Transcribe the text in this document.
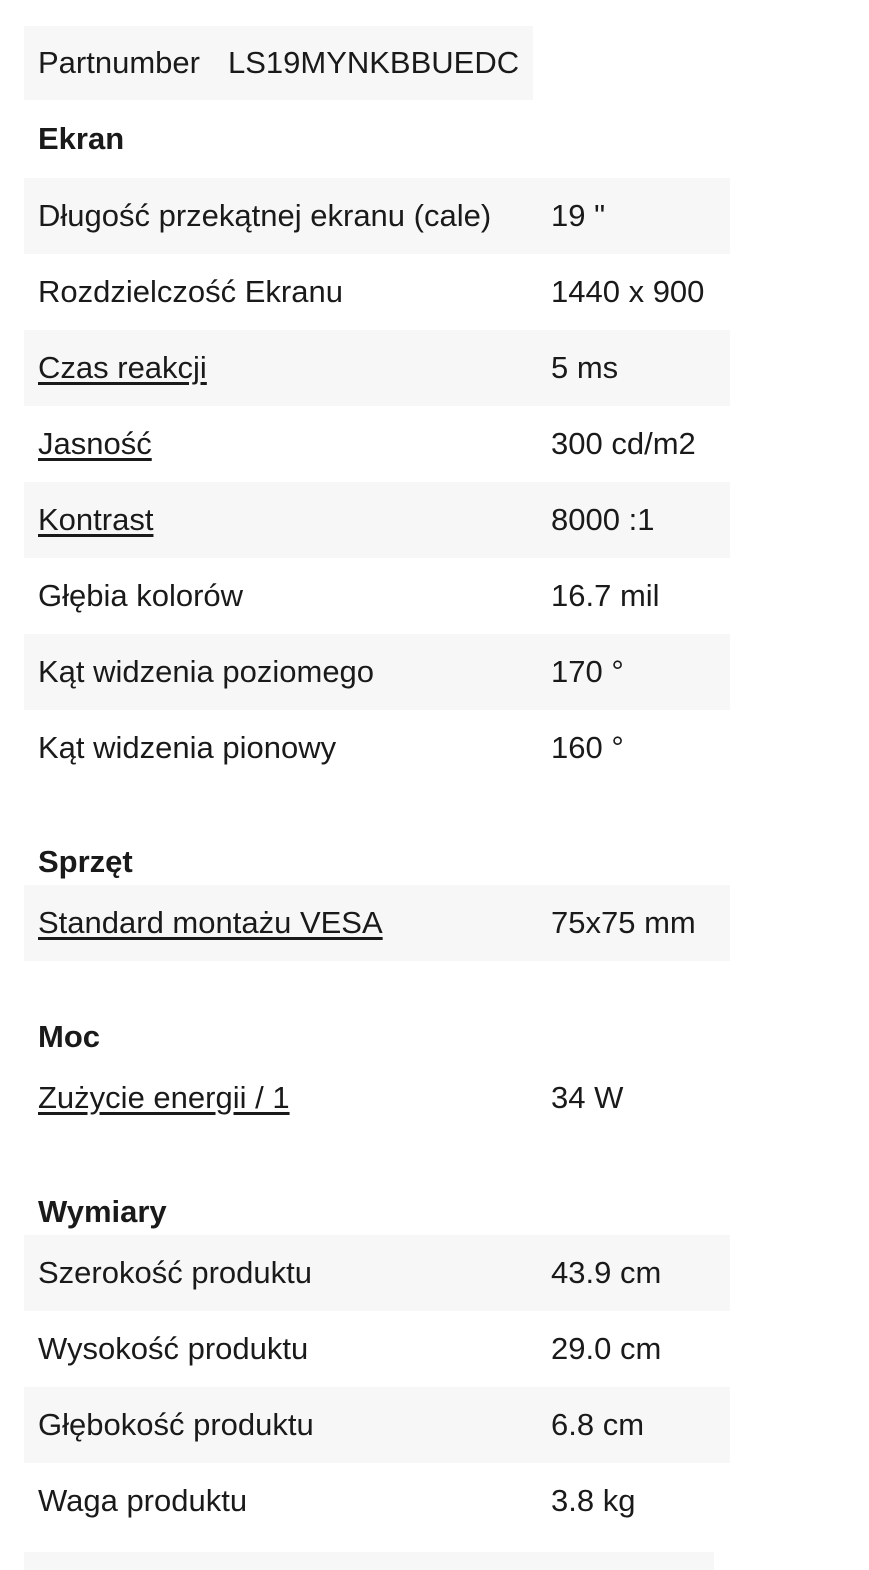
Partnumber	LS19MYNKBBUEDC
Ekran
Długość przekątnej ekranu (cale)	19 "
Rozdzielczość Ekranu	1440 x 900
Czas reakcji	5 ms
Jasność	300 cd/m2
Kontrast	8000 :1
Głębia kolorów	16.7 mil
Kąt widzenia poziomego	170 °
Kąt widzenia pionowy	160 °
Sprzęt
Standard montażu VESA	75x75 mm
Moc
Zużycie energii / 1	34 W
Wymiary
Szerokość produktu	43.9 cm
Wysokość produktu	29.0 cm
Głębokość produktu	6.8 cm
Waga produktu	3.8 kg
